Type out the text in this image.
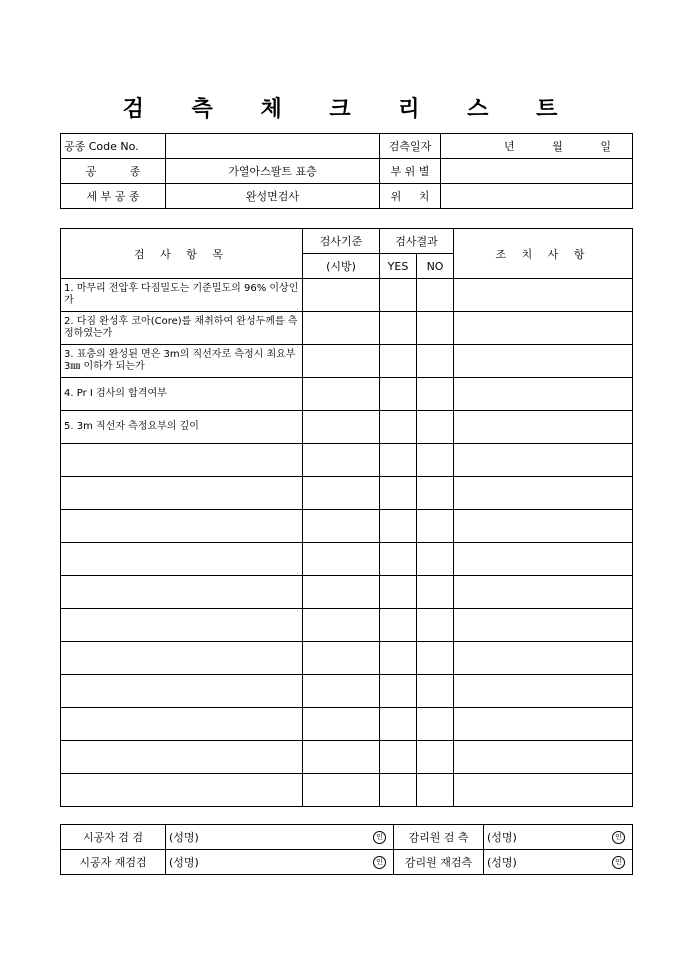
검 측 체 크 리 스 트
공종 Code No.		검측일자	년 월 일

공 종	가열아스팔트 표층	부 위 별	
세 부 공 종	완성면검사	위 치	
검 사 항 목	검사기준	검사결과		조 치 사 항
	(시방)	YES	NO	
1. 마무리 전압후 다짐밀도는 기준밀도의 96% 이상인가				
2. 다짐 완성후 코아(Core)를 채취하여 완성두께를 측정하였는가				
3. 표층의 완성된 면은 3m의 직선자로 측정시 최요부 3㎜ 이하가 되는가				
4. Pr I 검사의 합격여부				
5. 3m 직선자 측정요부의 깊이				

시공자 검 검	(성명)	인	감리원 검 측	(성명)	인

시공자 재검검	(성명)	인	감리원 재검측	(성명)	인
